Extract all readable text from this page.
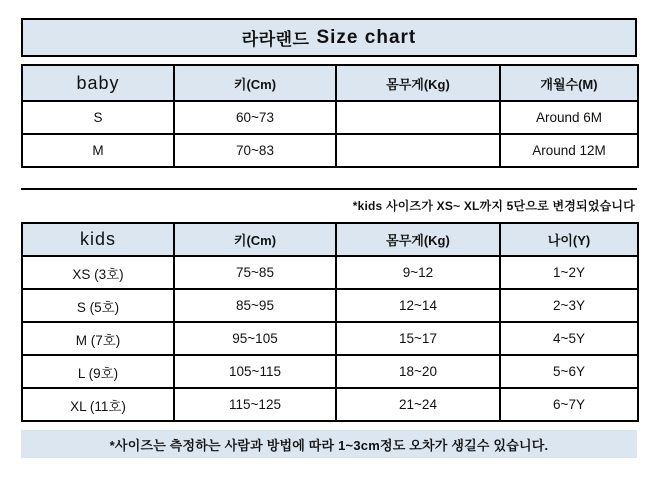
라라랜드 Size chart
baby	키(Cm)	몸무게(Kg)	개월수(M)
S	60~73		Around 6M
M	70~83		Around 12M
*kids 사이즈가 XS~ XL까지 5단으로 변경되었습니다
kids	키(Cm)	몸무게(Kg)	나이(Y)
XS (3호)	75~85	9~12	1~2Y
S (5호)	85~95	12~14	2~3Y
M (7호)	95~105	15~17	4~5Y
L (9호)	105~115	18~20	5~6Y
XL (11호)	115~125	21~24	6~7Y
*사이즈는 측정하는 사람과 방법에 따라 1~3cm정도 오차가 생길수 있습니다.
